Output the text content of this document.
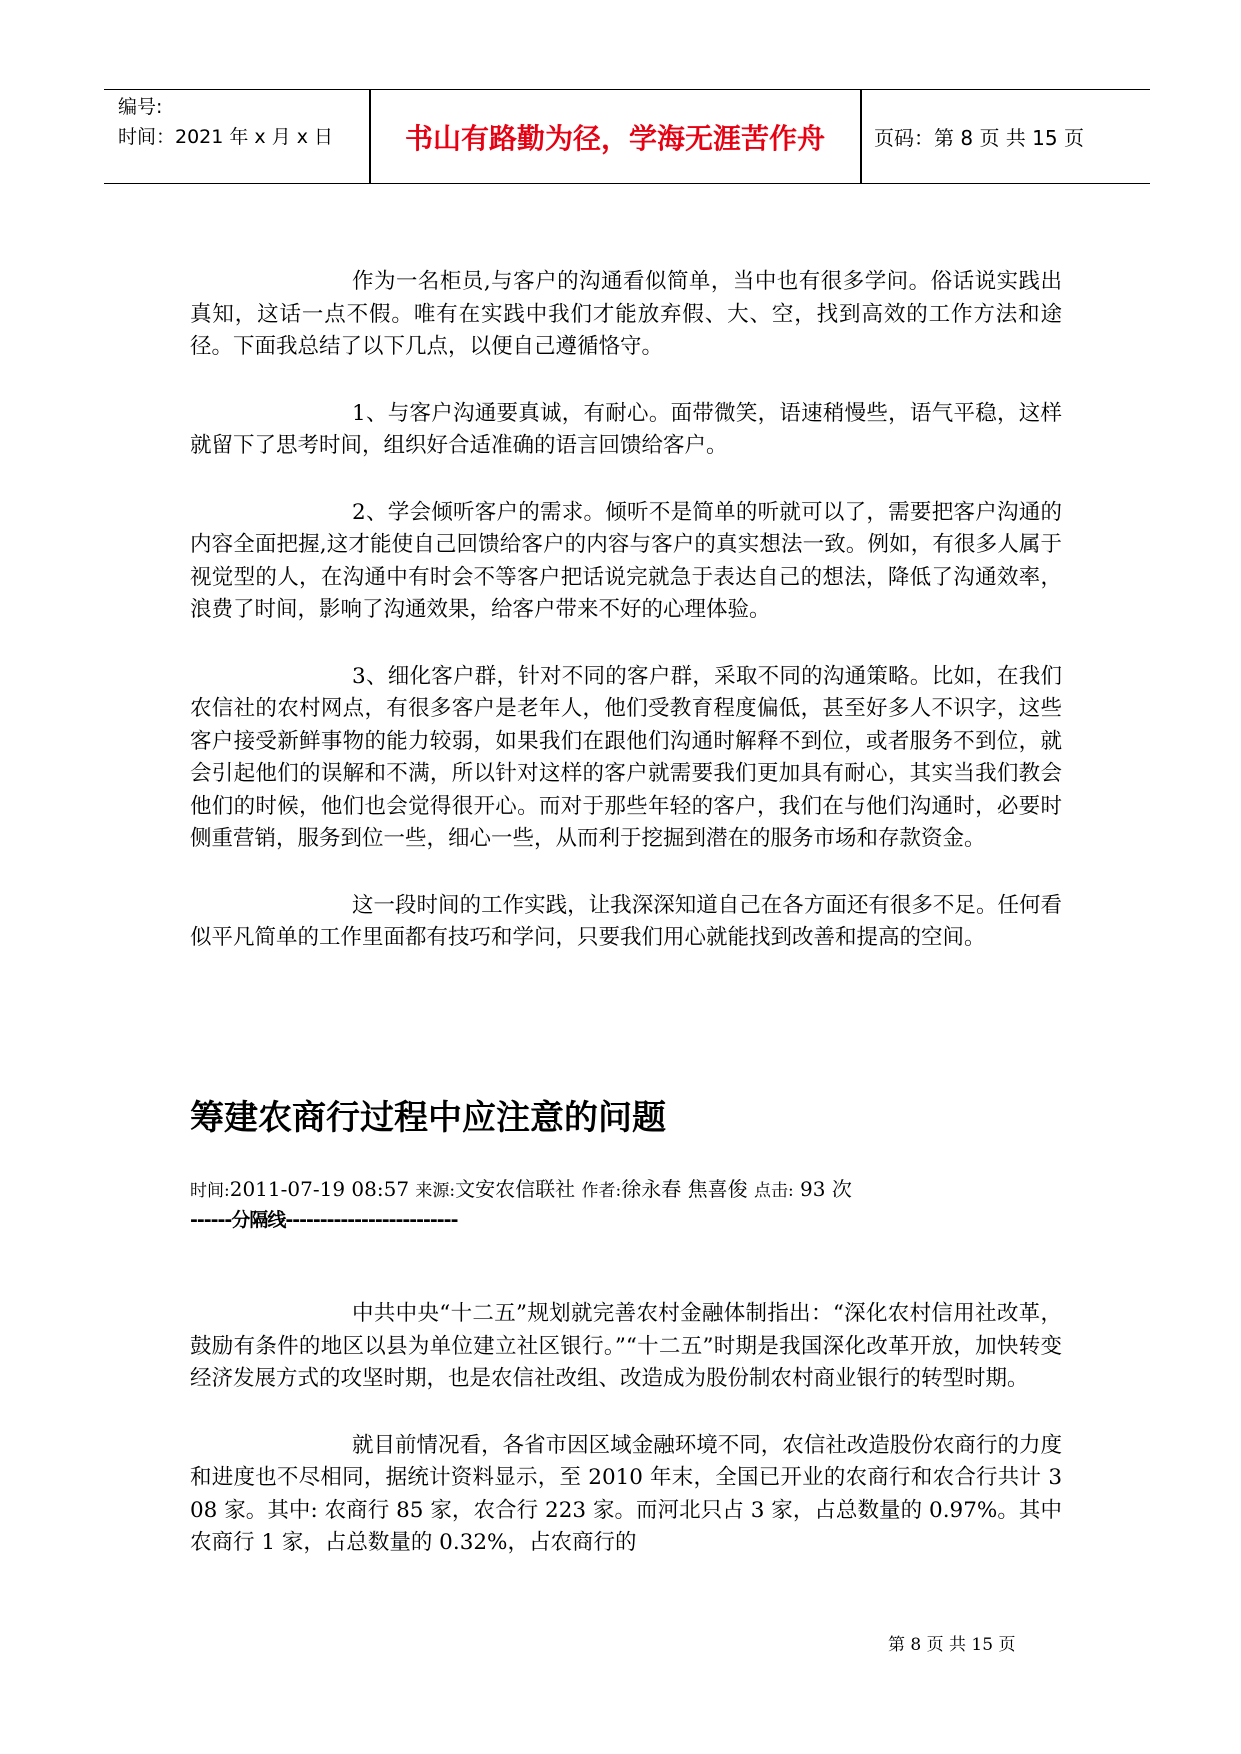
编号:
时间：2021 年 x 月 x 日	书山有路勤为径，学海无涯苦作舟	页码：第 8 页 共 15 页

作为一名柜员,与客户的沟通看似简单，当中也有很多学问。俗话说实践出真知，这话一点不假。唯有在实践中我们才能放弃假、大、空，找到高效的工作方法和途径。下面我总结了以下几点，以便自己遵循恪守。

1、与客户沟通要真诚，有耐心。面带微笑，语速稍慢些，语气平稳，这样就留下了思考时间，组织好合适准确的语言回馈给客户。

2、学会倾听客户的需求。倾听不是简单的听就可以了，需要把客户沟通的内容全面把握,这才能使自己回馈给客户的内容与客户的真实想法一致。例如，有很多人属于视觉型的人，在沟通中有时会不等客户把话说完就急于表达自己的想法，降低了沟通效率，浪费了时间，影响了沟通效果，给客户带来不好的心理体验。

3、细化客户群，针对不同的客户群，采取不同的沟通策略。比如，在我们农信社的农村网点，有很多客户是老年人，他们受教育程度偏低，甚至好多人不识字，这些客户接受新鲜事物的能力较弱，如果我们在跟他们沟通时解释不到位，或者服务不到位，就会引起他们的误解和不满，所以针对这样的客户就需要我们更加具有耐心，其实当我们教会他们的时候，他们也会觉得很开心。而对于那些年轻的客户，我们在与他们沟通时，必要时侧重营销，服务到位一些，细心一些，从而利于挖掘到潜在的服务市场和存款资金。

这一段时间的工作实践，让我深深知道自己在各方面还有很多不足。任何看似平凡简单的工作里面都有技巧和学问，只要我们用心就能找到改善和提高的空间。

筹建农商行过程中应注意的问题
时间:2011-07-19 08:57 来源:文安农信联社 作者:徐永春 焦喜俊 点击: 93 次
------分隔线-------------------------

中共中央“十二五”规划就完善农村金融体制指出：“深化农村信用社改革，鼓励有条件的地区以县为单位建立社区银行。”“十二五”时期是我国深化改革开放，加快转变经济发展方式的攻坚时期，也是农信社改组、改造成为股份制农村商业银行的转型时期。

就目前情况看，各省市因区域金融环境不同，农信社改造股份农商行的力度和进度也不尽相同，据统计资料显示，至 2010 年末，全国已开业的农商行和农合行共计 308 家。其中: 农商行 85 家，农合行 223 家。而河北只占 3 家，占总数量的 0.97%。其中农商行 1 家，占总数量的 0.32%，占农商行的

第 8 页 共 15 页
